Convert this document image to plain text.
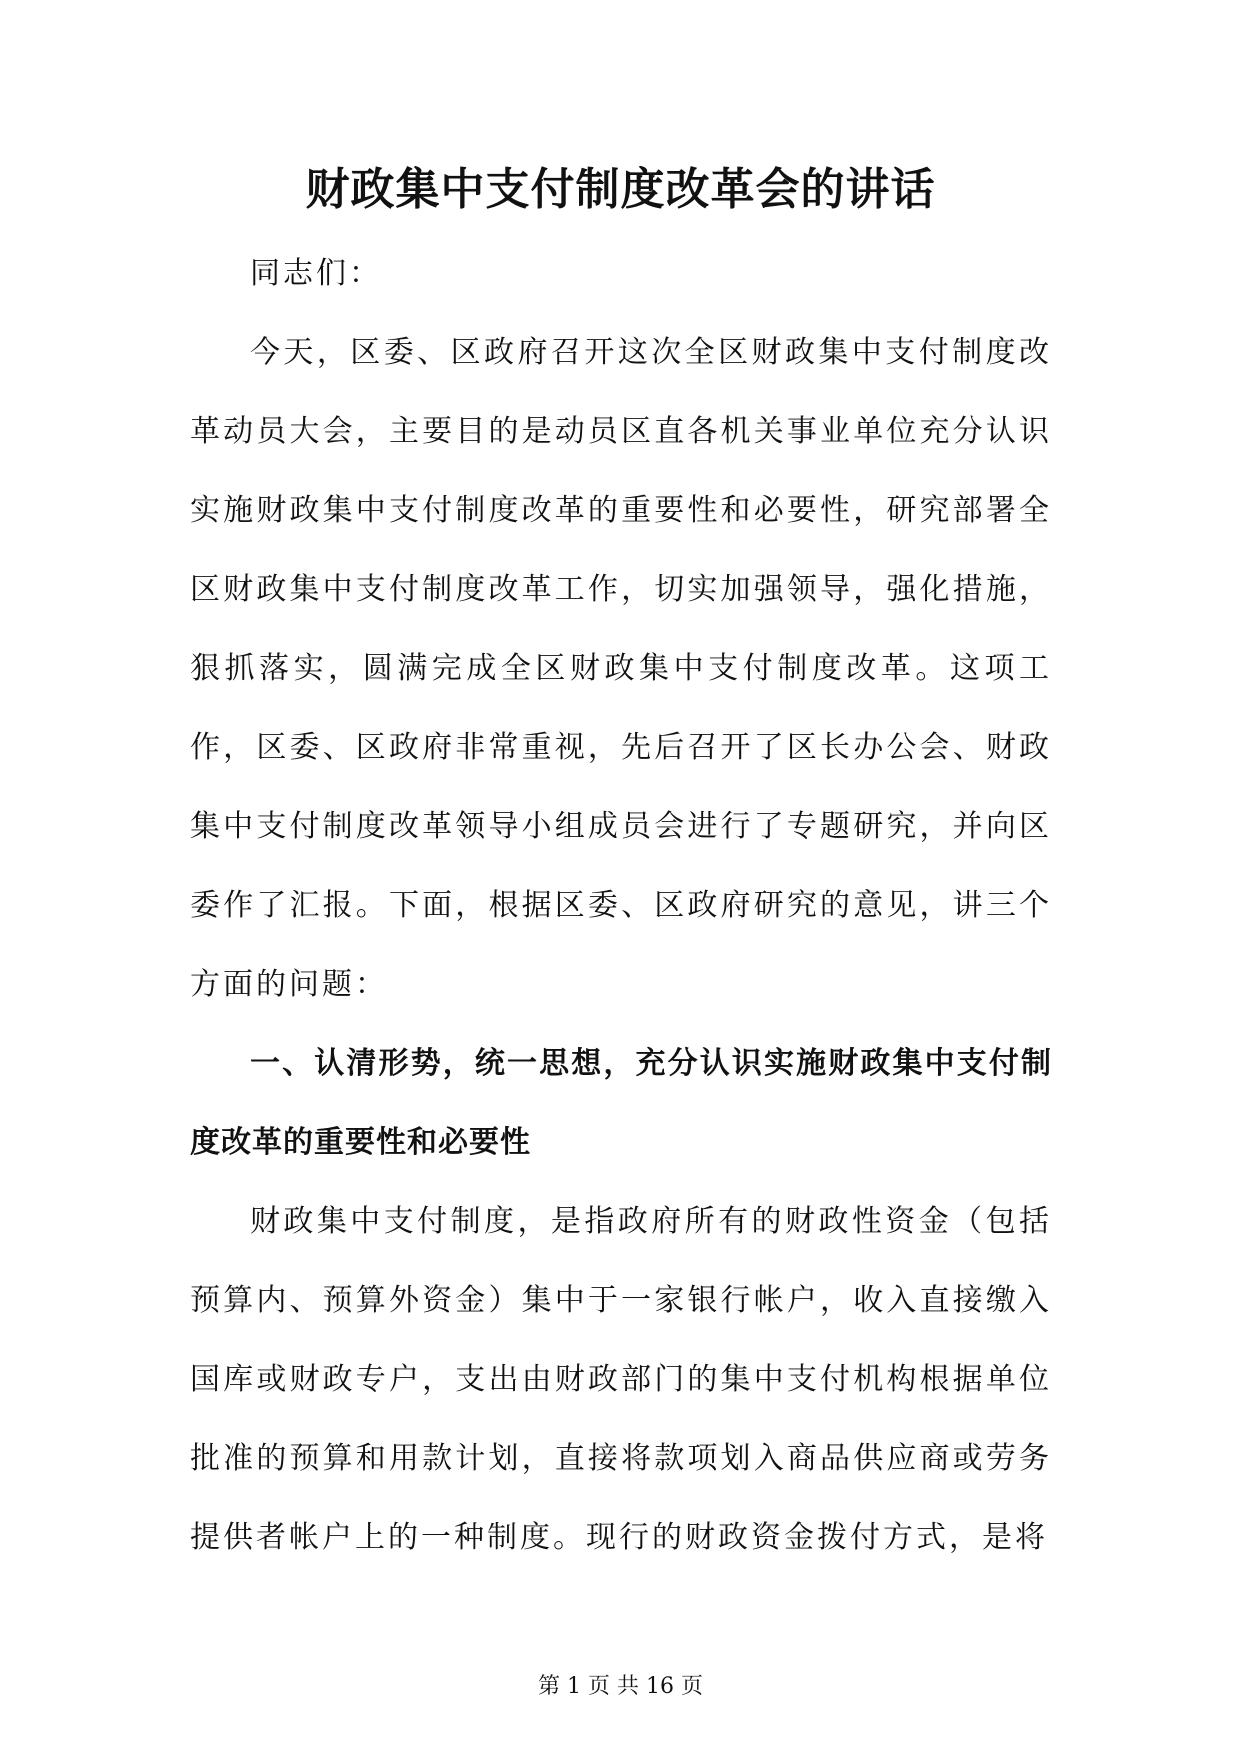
财政集中支付制度改革会的讲话

同志们：

今天，区委、区政府召开这次全区财政集中支付制度改革动员大会，主要目的是动员区直各机关事业单位充分认识实施财政集中支付制度改革的重要性和必要性，研究部署全区财政集中支付制度改革工作，切实加强领导，强化措施，狠抓落实，圆满完成全区财政集中支付制度改革。这项工作，区委、区政府非常重视，先后召开了区长办公会、财政集中支付制度改革领导小组成员会进行了专题研究，并向区委作了汇报。下面，根据区委、区政府研究的意见，讲三个方面的问题：

一、认清形势，统一思想，充分认识实施财政集中支付制度改革的重要性和必要性

财政集中支付制度，是指政府所有的财政性资金（包括预算内、预算外资金）集中于一家银行帐户，收入直接缴入国库或财政专户，支出由财政部门的集中支付机构根据单位批准的预算和用款计划，直接将款项划入商品供应商或劳务提供者帐户上的一种制度。现行的财政资金拨付方式，是将

第 1 页 共 16 页
